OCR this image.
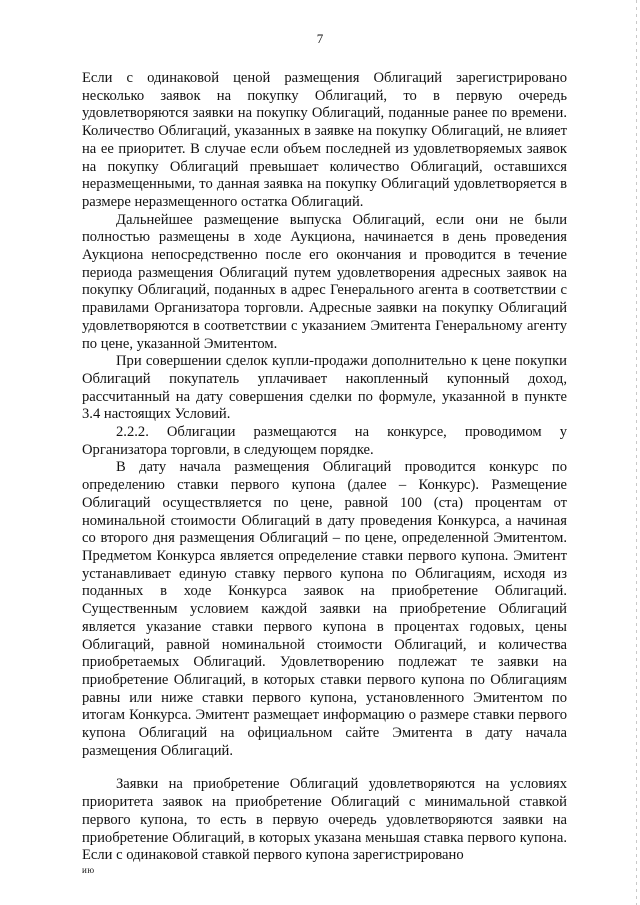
7

Если с одинаковой ценой размещения Облигаций зарегистрировано несколько заявок на покупку Облигаций, то в первую очередь удовлетворяются заявки на покупку Облигаций, поданные ранее по времени. Количество Облигаций, указанных в заявке на покупку Облигаций, не влияет на ее приоритет. В случае если объем последней из удовлетворяемых заявок на покупку Облигаций превышает количество Облигаций, оставшихся неразмещенными, то данная заявка на покупку Облигаций удовлетворяется в размере неразмещенного остатка Облигаций.

Дальнейшее размещение выпуска Облигаций, если они не были полностью размещены в ходе Аукциона, начинается в день проведения Аукциона непосредственно после его окончания и проводится в течение периода размещения Облигаций путем удовлетворения адресных заявок на покупку Облигаций, поданных в адрес Генерального агента в соответствии с правилами Организатора торговли. Адресные заявки на покупку Облигаций удовлетворяются в соответствии с указанием Эмитента Генеральному агенту по цене, указанной Эмитентом.

При совершении сделок купли-продажи дополнительно к цене покупки Облигаций покупатель уплачивает накопленный купонный доход, рассчитанный на дату совершения сделки по формуле, указанной в пункте 3.4 настоящих Условий.

2.2.2. Облигации размещаются на конкурсе, проводимом у Организатора торговли, в следующем порядке.

В дату начала размещения Облигаций проводится конкурс по определению ставки первого купона (далее – Конкурс). Размещение Облигаций осуществляется по цене, равной 100 (ста) процентам от номинальной стоимости Облигаций в дату проведения Конкурса, а начиная со второго дня размещения Облигаций – по цене, определенной Эмитентом. Предметом Конкурса является определение ставки первого купона. Эмитент устанавливает единую ставку первого купона по Облигациям, исходя из поданных в ходе Конкурса заявок на приобретение Облигаций. Существенным условием каждой заявки на приобретение Облигаций является указание ставки первого купона в процентах годовых, цены Облигаций, равной номинальной стоимости Облигаций, и количества приобретаемых Облигаций. Удовлетворению подлежат те заявки на приобретение Облигаций, в которых ставки первого купона по Облигациям равны или ниже ставки первого купона, установленного Эмитентом по итогам Конкурса. Эмитент размещает информацию о размере ставки первого купона Облигаций на официальном сайте Эмитента в дату начала размещения Облигаций.

Заявки на приобретение Облигаций удовлетворяются на условиях приоритета заявок на приобретение Облигаций с минимальной ставкой первого купона, то есть в первую очередь удовлетворяются заявки на приобретение Облигаций, в которых указана меньшая ставка первого купона. Если с одинаковой ставкой первого купона зарегистрировано

ию
